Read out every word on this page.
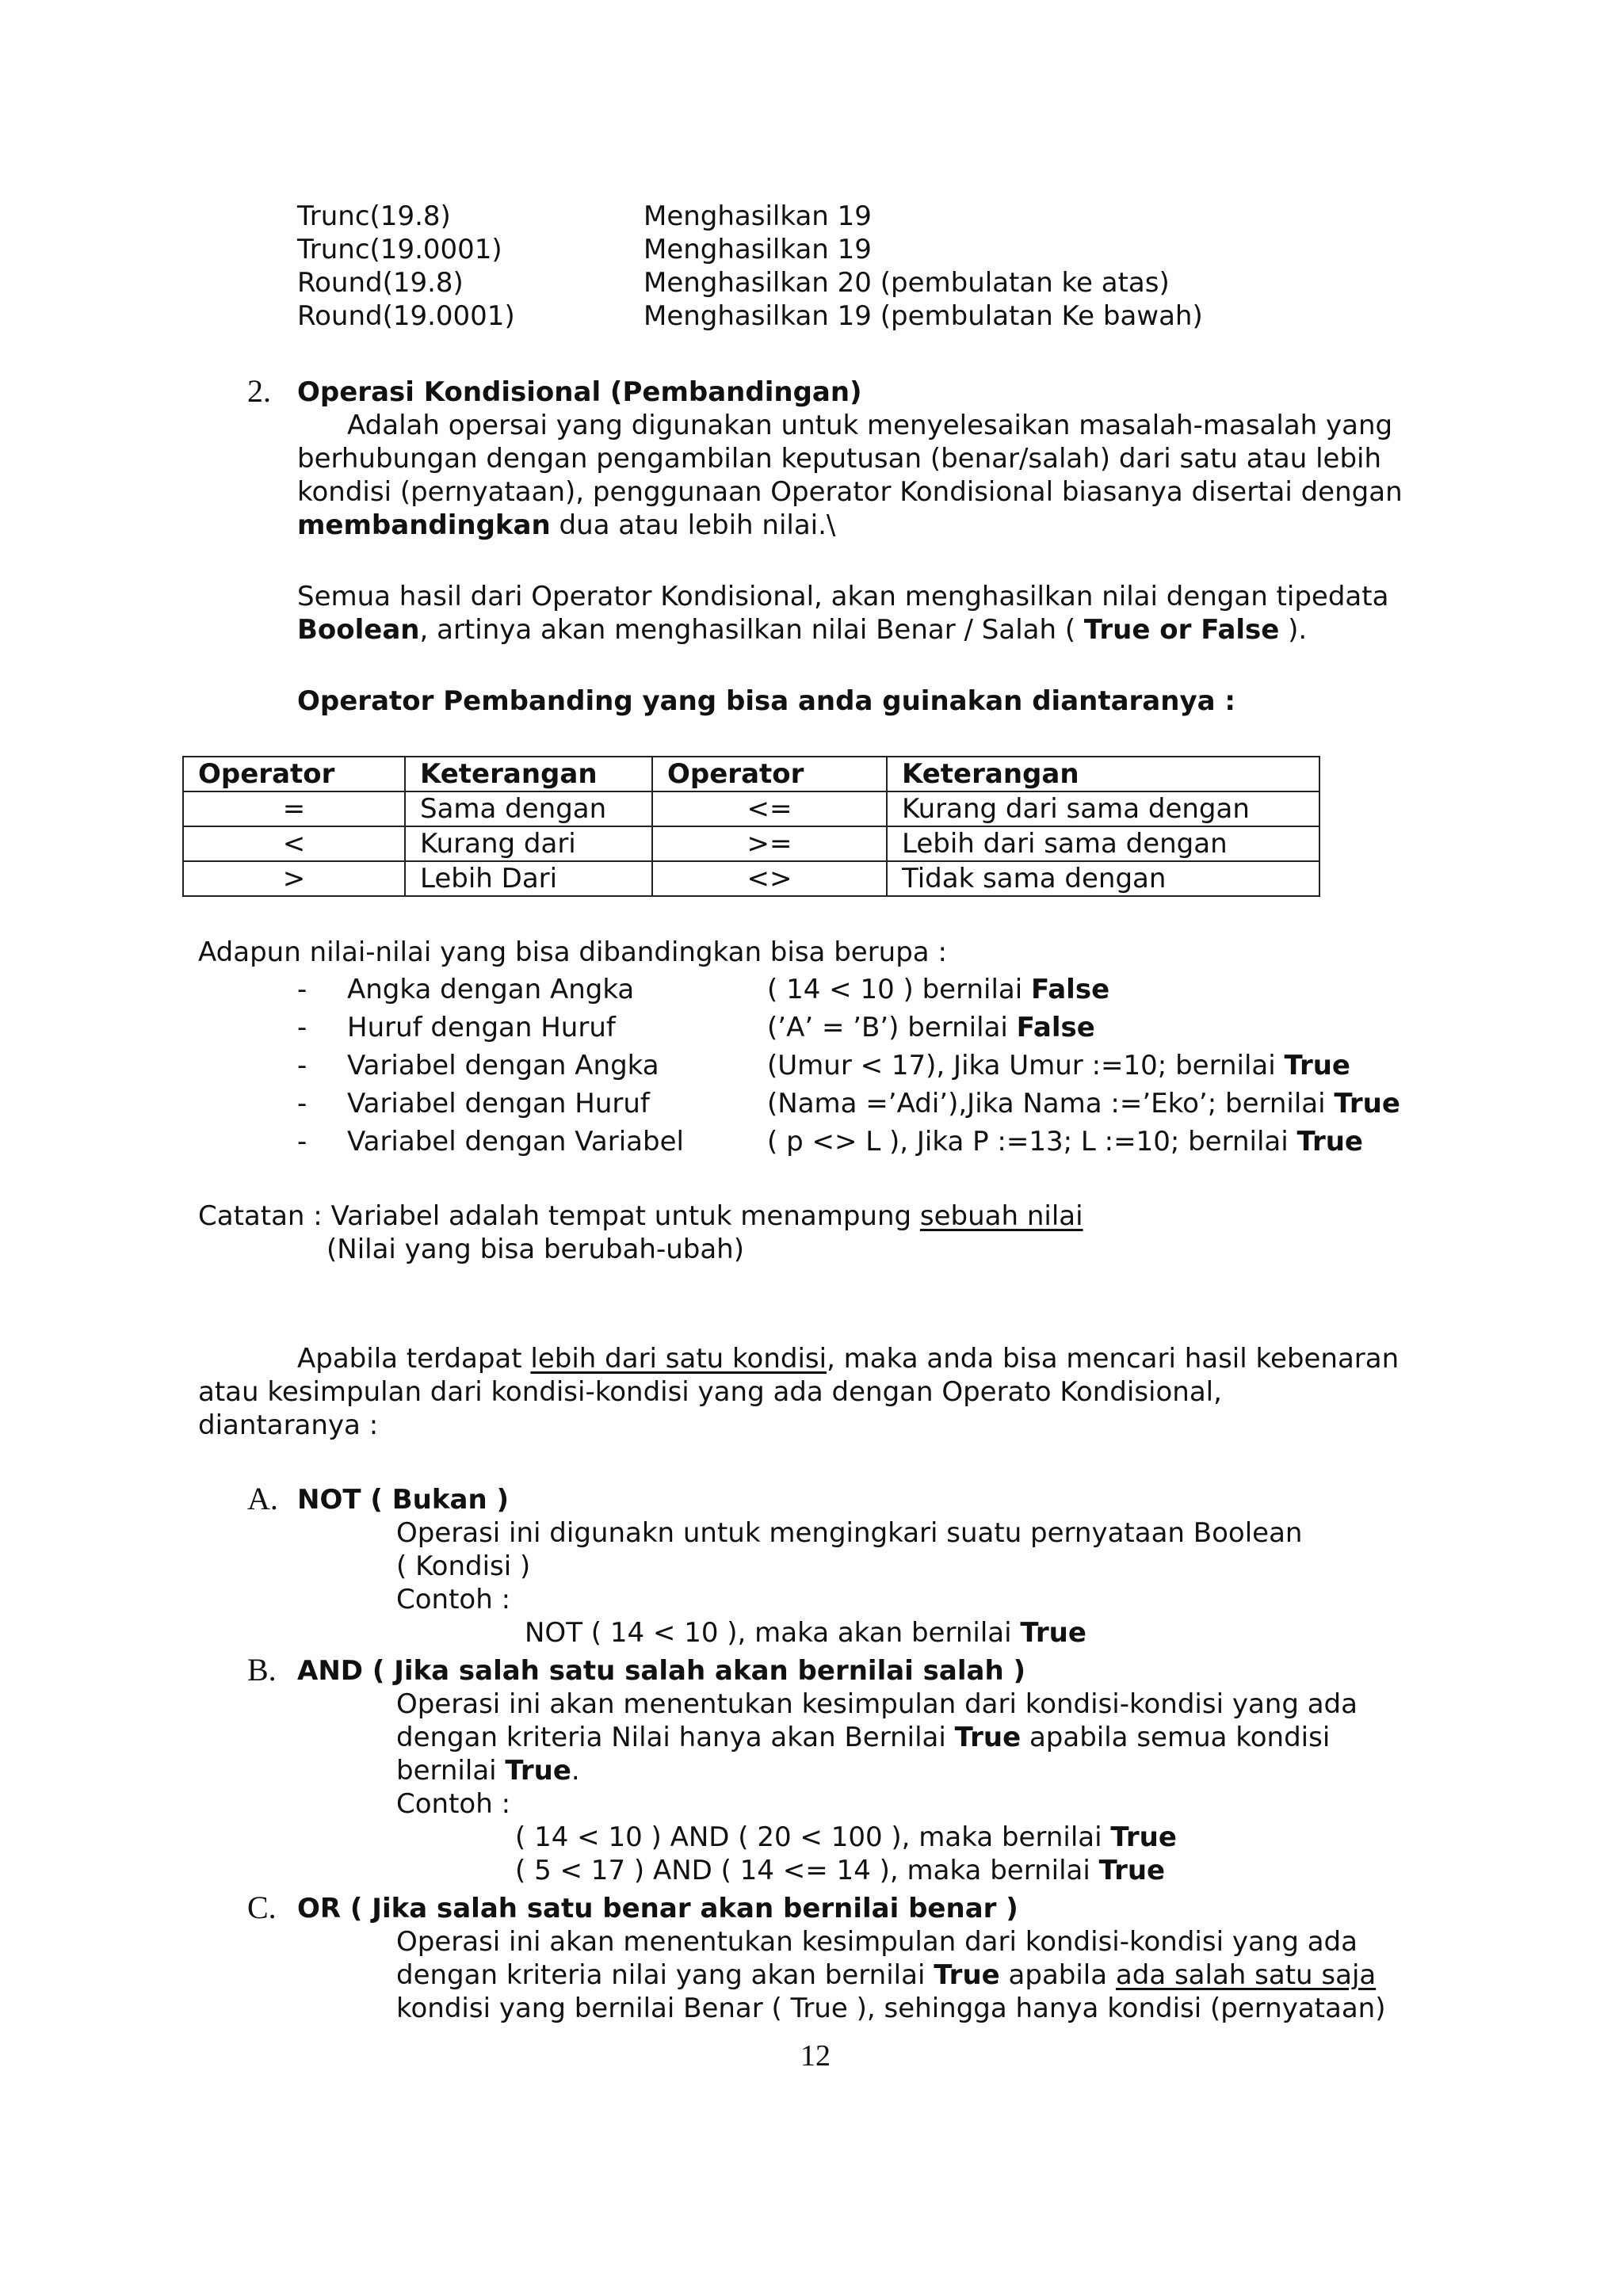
Trunc(19.8)	Menghasilkan 19
Trunc(19.0001)	Menghasilkan 19
Round(19.8)	Menghasilkan 20 (pembulatan ke atas)
Round(19.0001)	Menghasilkan 19 (pembulatan Ke bawah)
2. Operasi Kondisional (Pembandingan)
Adalah opersai yang digunakan untuk menyelesaikan masalah-masalah yang
berhubungan dengan pengambilan keputusan (benar/salah) dari satu atau lebih
kondisi (pernyataan), penggunaan Operator Kondisional biasanya disertai dengan
membandingkan dua atau lebih nilai.\
Semua hasil dari Operator Kondisional, akan menghasilkan nilai dengan tipedata
Boolean, artinya akan menghasilkan nilai Benar / Salah ( True or False ).
Operator Pembanding yang bisa anda guinakan diantaranya :
Operator	Keterangan	Operator	Keterangan
=	Sama dengan	<=	Kurang dari sama dengan
<	Kurang dari	>=	Lebih dari sama dengan
>	Lebih Dari	<>	Tidak sama dengan
Adapun nilai-nilai yang bisa dibandingkan bisa berupa :
- Angka dengan Angka	( 14 < 10 ) bernilai False
- Huruf dengan Huruf	(’A’ = ’B’) bernilai False
- Variabel dengan Angka	(Umur < 17), Jika Umur :=10; bernilai True
- Variabel dengan Huruf	(Nama =’Adi’),Jika Nama :=’Eko’; bernilai True
- Variabel dengan Variabel	( p <> L ), Jika P :=13; L :=10; bernilai True
Catatan : Variabel adalah tempat untuk menampung sebuah nilai
(Nilai yang bisa berubah-ubah)
Apabila terdapat lebih dari satu kondisi, maka anda bisa mencari hasil kebenaran
atau kesimpulan dari kondisi-kondisi yang ada dengan Operato Kondisional,
diantaranya :
A. NOT ( Bukan )
Operasi ini digunakn untuk mengingkari suatu pernyataan Boolean
( Kondisi )
Contoh :
NOT ( 14 < 10 ), maka akan bernilai True
B. AND ( Jika salah satu salah akan bernilai salah )
Operasi ini akan menentukan kesimpulan dari kondisi-kondisi yang ada
dengan kriteria Nilai hanya akan Bernilai True apabila semua kondisi
bernilai True.
Contoh :
( 14 < 10 ) AND ( 20 < 100 ), maka bernilai True
( 5 < 17 ) AND ( 14 <= 14 ), maka bernilai True
C. OR ( Jika salah satu benar akan bernilai benar )
Operasi ini akan menentukan kesimpulan dari kondisi-kondisi yang ada
dengan kriteria nilai yang akan bernilai True apabila ada salah satu saja
kondisi yang bernilai Benar ( True ), sehingga hanya kondisi (pernyataan)
12
